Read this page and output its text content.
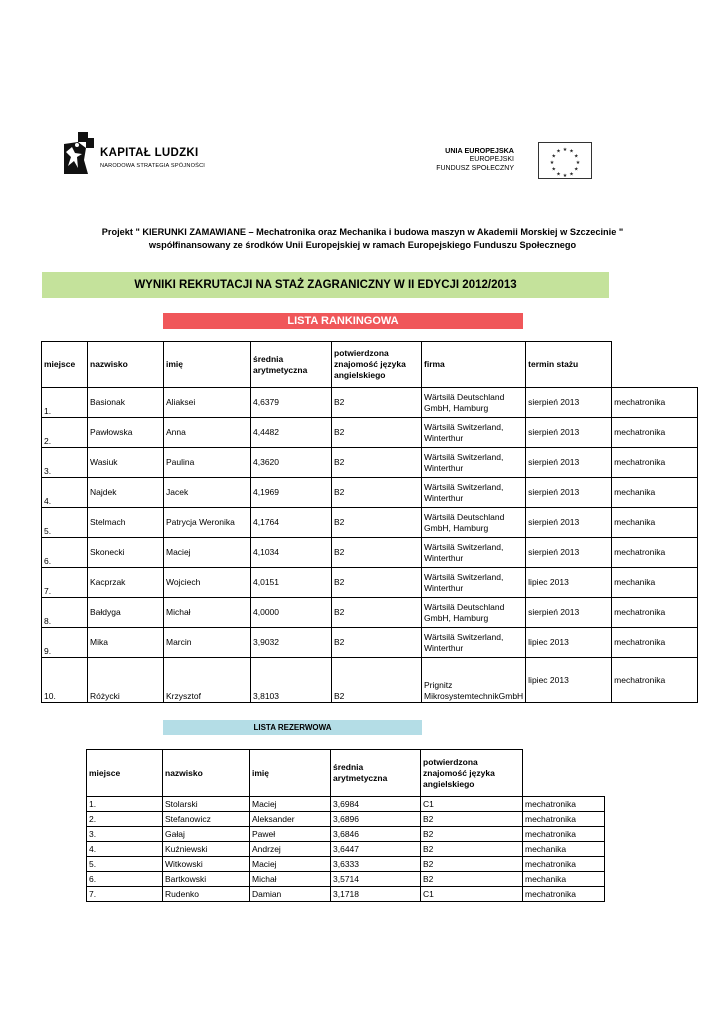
KAPITAŁ LUDZKI
NARODOWA STRATEGIA SPÓJNOŚCI
UNIA EUROPEJSKA
EUROPEJSKI
FUNDUSZ SPOŁECZNY
★ ★
★
★
★
★
★
★
★
★
★
★
Projekt " KIERUNKI ZAMAWIANE – Mechatronika oraz Mechanika i budowa maszyn w Akademii Morskiej w Szczecinie "
współfinansowany ze środków Unii Europejskiej w ramach Europejskiego Funduszu Społecznego
WYNIKI REKRUTACJI NA STAŻ ZAGRANICZNY W II EDYCJI 2012/2013
LISTA RANKINGOWA
miejsce	nazwisko	imię	średnia arytmetyczna	potwierdzona znajomość języka angielskiego	firma	termin stażu	
1.	Basionak	Aliaksei	4,6379	B2	Wärtsilä Deutschland GmbH, Hamburg	sierpień 2013	mechatronika
2.	Pawłowska	Anna	4,4482	B2	Wärtsilä Switzerland, Winterthur	sierpień 2013	mechatronika
3.	Wasiuk	Paulina	4,3620	B2	Wärtsilä Switzerland, Winterthur	sierpień 2013	mechatronika
4.	Najdek	Jacek	4,1969	B2	Wärtsilä Switzerland, Winterthur	sierpień 2013	mechanika
5.	Stelmach	Patrycja Weronika	4,1764	B2	Wärtsilä Deutschland GmbH, Hamburg	sierpień 2013	mechanika
6.	Skonecki	Maciej	4,1034	B2	Wärtsilä Switzerland, Winterthur	sierpień 2013	mechatronika
7.	Kacprzak	Wojciech	4,0151	B2	Wärtsilä Switzerland, Winterthur	lipiec 2013	mechanika
8.	Bałdyga	Michał	4,0000	B2	Wärtsilä Deutschland GmbH, Hamburg	sierpień 2013	mechatronika
9.	Mika	Marcin	3,9032	B2	Wärtsilä Switzerland, Winterthur	lipiec 2013	mechatronika
10.	Różycki	Krzysztof	3,8103	B2	Prignitz MikrosystemtechnikGmbH	lipiec 2013	mechatronika
LISTA REZERWOWA
miejsce	nazwisko	imię	średnia arytmetyczna	potwierdzona znajomość języka angielskiego	
1.	Stolarski	Maciej	3,6984	C1	mechatronika
2.	Stefanowicz	Aleksander	3,6896	B2	mechatronika
3.	Gałaj	Paweł	3,6846	B2	mechatronika
4.	Kuźniewski	Andrzej	3,6447	B2	mechanika
5.	Witkowski	Maciej	3,6333	B2	mechatronika
6.	Bartkowski	Michał	3,5714	B2	mechanika
7.	Rudenko	Damian	3,1718	C1	mechatronika
